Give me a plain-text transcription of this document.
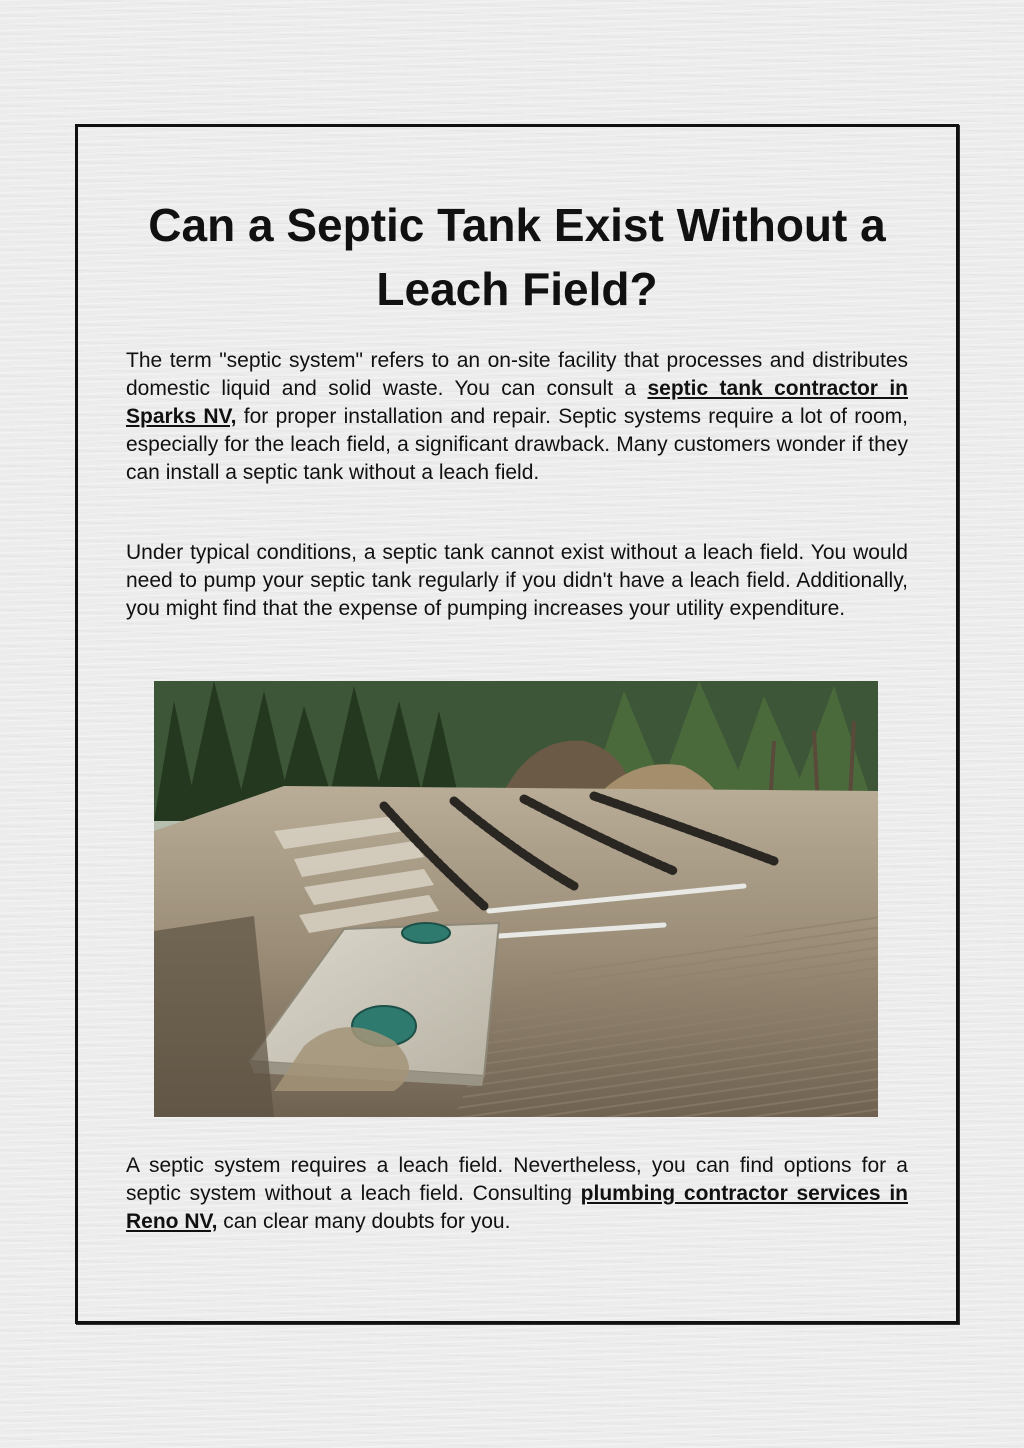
Can a Septic Tank Exist Without a Leach Field?

The term "septic system" refers to an on-site facility that processes and distributes domestic liquid and solid waste. You can consult a septic tank contractor in Sparks NV, for proper installation and repair. Septic systems require a lot of room, especially for the leach field, a significant drawback. Many customers wonder if they can install a septic tank without a leach field.

Under typical conditions, a septic tank cannot exist without a leach field. You would need to pump your septic tank regularly if you didn't have a leach field. Additionally, you might find that the expense of pumping increases your utility expenditure.

A septic system requires a leach field. Nevertheless, you can find options for a septic system without a leach field. Consulting plumbing contractor services in Reno NV, can clear many doubts for you.
